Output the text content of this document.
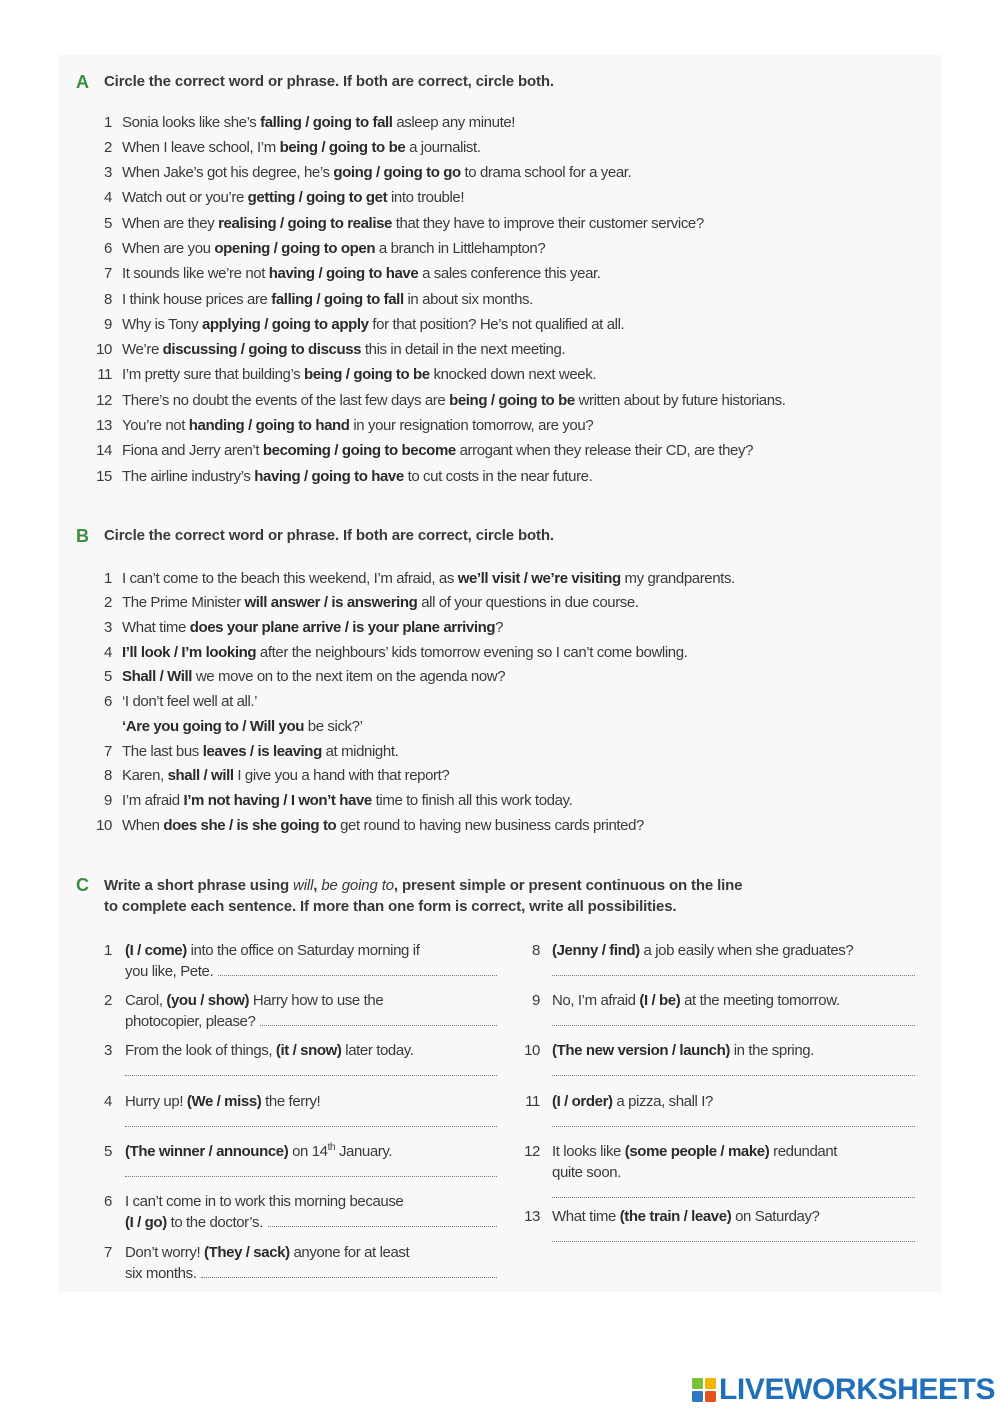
A	Circle the correct word or phrase. If both are correct, circle both.
1 Sonia looks like she’s falling / going to fall asleep any minute!
2 When I leave school, I’m being / going to be a journalist.
3 When Jake’s got his degree, he’s going / going to go to drama school for a year.
4 Watch out or you’re getting / going to get into trouble!
5 When are they realising / going to realise that they have to improve their customer service?
6 When are you opening / going to open a branch in Littlehampton?
7 It sounds like we’re not having / going to have a sales conference this year.
8 I think house prices are falling / going to fall in about six months.
9 Why is Tony applying / going to apply for that position? He’s not qualified at all.
10 We’re discussing / going to discuss this in detail in the next meeting.
11 I’m pretty sure that building’s being / going to be knocked down next week.
12 There’s no doubt the events of the last few days are being / going to be written about by future historians.
13 You’re not handing / going to hand in your resignation tomorrow, are you?
14 Fiona and Jerry aren’t becoming / going to become arrogant when they release their CD, are they?
15 The airline industry’s having / going to have to cut costs in the near future.
B	Circle the correct word or phrase. If both are correct, circle both.
1 I can’t come to the beach this weekend, I’m afraid, as we’ll visit / we’re visiting my grandparents.
2 The Prime Minister will answer / is answering all of your questions in due course.
3 What time does your plane arrive / is your plane arriving?
4 I’ll look / I’m looking after the neighbours’ kids tomorrow evening so I can’t come bowling.
5 Shall / Will we move on to the next item on the agenda now?
6 ‘I don’t feel well at all.’
‘Are you going to / Will you be sick?’
7 The last bus leaves / is leaving at midnight.
8 Karen, shall / will I give you a hand with that report?
9 I’m afraid I’m not having / I won’t have time to finish all this work today.
10 When does she / is she going to get round to having new business cards printed?
C	Write a short phrase using will, be going to, present simple or present continuous on the line
to complete each sentence. If more than one form is correct, write all possibilities.
1 (I / come) into the office on Saturday morning if
you like, Pete.
2 Carol, (you / show) Harry how to use the
photocopier, please?
3 From the look of things, (it / snow) later today.
4 Hurry up! (We / miss) the ferry!
5 (The winner / announce) on 14th January.
6 I can’t come in to work this morning because
(I / go) to the doctor’s.
7 Don’t worry! (They / sack) anyone for at least
six months.
8 (Jenny / find) a job easily when she graduates?
9 No, I’m afraid (I / be) at the meeting tomorrow.
10 (The new version / launch) in the spring.
11 (I / order) a pizza, shall I?
12 It looks like (some people / make) redundant
quite soon.
13 What time (the train / leave) on Saturday?
LIVEWORKSHEETS
